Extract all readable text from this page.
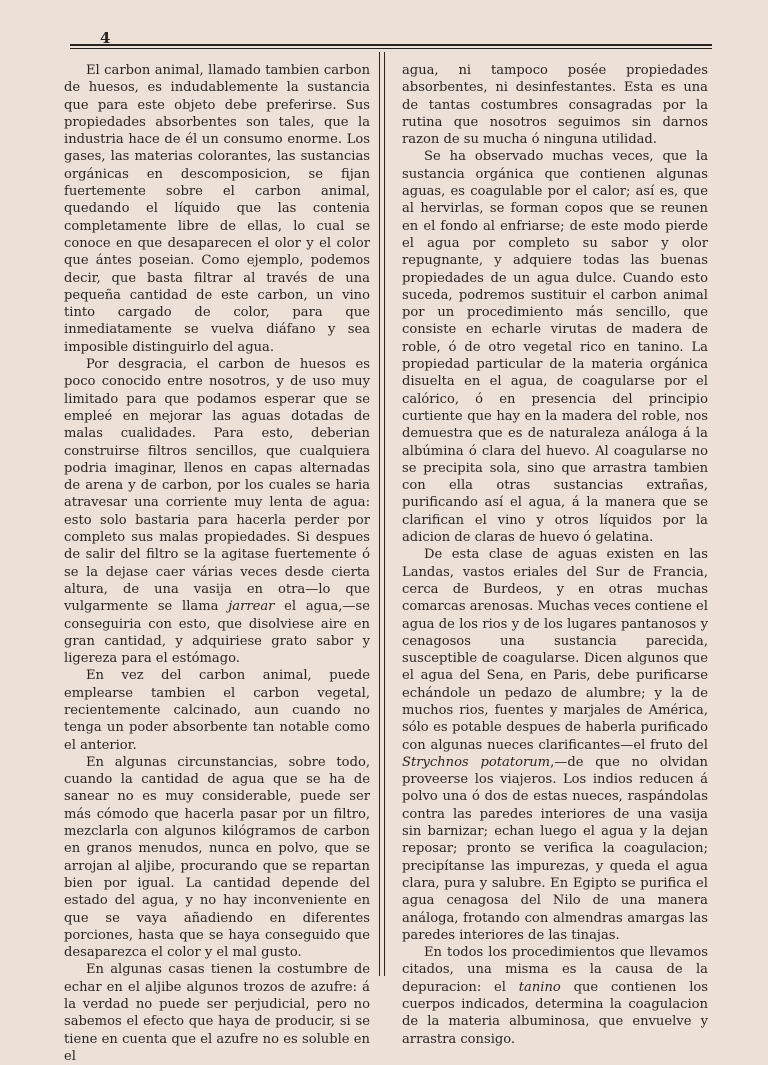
4

El carbon animal, llamado tambien carbon de huesos, es indudablemente la sustancia que para este objeto debe preferirse. Sus propiedades absorbentes son tales, que la industria hace de él un consumo enorme. Los gases, las materias colorantes, las sustancias orgánicas en descomposicion, se fijan fuertemente sobre el carbon animal, quedando el líquido que las contenia completamente libre de ellas, lo cual se conoce en que desaparecen el olor y el color que ántes poseian. Como ejemplo, podemos decir, que basta filtrar al través de una pequeña cantidad de este carbon, un vino tinto cargado de color, para que inmediatamente se vuelva diáfano y sea imposible distinguirlo del agua.

Por desgracia, el carbon de huesos es poco conocido entre nosotros, y de uso muy limitado para que podamos esperar que se empleé en mejorar las aguas dotadas de malas cualidades. Para esto, deberian construirse filtros sencillos, que cualquiera podria imaginar, llenos en capas alternadas de arena y de carbon, por los cuales se haria atravesar una corriente muy lenta de agua: esto solo bastaria para hacerla perder por completo sus malas propiedades. Si despues de salir del filtro se la agitase fuertemente ó se la dejase caer várias veces desde cierta altura, de una vasija en otra—lo que vulgarmente se llama jarrear el agua,—se conseguiria con esto, que disolviese aire en gran cantidad, y adquiriese grato sabor y ligereza para el estómago.

En vez del carbon animal, puede emplearse tambien el carbon vegetal, recientemente calcinado, aun cuando no tenga un poder absorbente tan notable como el anterior.

En algunas circunstancias, sobre todo, cuando la cantidad de agua que se ha de sanear no es muy considerable, puede ser más cómodo que hacerla pasar por un filtro, mezclarla con algunos kilógramos de carbon en granos menudos, nunca en polvo, que se arrojan al aljibe, procurando que se repartan bien por igual. La cantidad depende del estado del agua, y no hay inconveniente en que se vaya añadiendo en diferentes porciones, hasta que se haya conseguido que desaparezca el color y el mal gusto.

En algunas casas tienen la costumbre de echar en el aljibe algunos trozos de azufre: á la verdad no puede ser perjudicial, pero no sabemos el efecto que haya de producir, si se tiene en cuenta que el azufre no es soluble en el

agua, ni tampoco posée propiedades absorbentes, ni desinfestantes. Esta es una de tantas costumbres consagradas por la rutina que nosotros seguimos sin darnos razon de su mucha ó ninguna utilidad.

Se ha observado muchas veces, que la sustancia orgánica que contienen algunas aguas, es coagulable por el calor; así es, que al hervirlas, se forman copos que se reunen en el fondo al enfriarse; de este modo pierde el agua por completo su sabor y olor repugnante, y adquiere todas las buenas propiedades de un agua dulce. Cuando esto suceda, podremos sustituir el carbon animal por un procedimiento más sencillo, que consiste en echarle virutas de madera de roble, ó de otro vegetal rico en tanino. La propiedad particular de la materia orgánica disuelta en el agua, de coagularse por el calórico, ó en presencia del principio curtiente que hay en la madera del roble, nos demuestra que es de naturaleza análoga á la albúmina ó clara del huevo. Al coagularse no se precipita sola, sino que arrastra tambien con ella otras sustancias extrañas, purificando así el agua, á la manera que se clarifican el vino y otros líquidos por la adicion de claras de huevo ó gelatina.

De esta clase de aguas existen en las Landas, vastos eriales del Sur de Francia, cerca de Burdeos, y en otras muchas comarcas arenosas. Muchas veces contiene el agua de los rios y de los lugares pantanosos y cenagosos una sustancia parecida, susceptible de coagularse. Dicen algunos que el agua del Sena, en Paris, debe purificarse echándole un pedazo de alumbre; y la de muchos rios, fuentes y marjales de América, sólo es potable despues de haberla purificado con algunas nueces clarificantes—el fruto del Strychnos potatorum,—de que no olvidan proveerse los viajeros. Los indios reducen á polvo una ó dos de estas nueces, raspándolas contra las paredes interiores de una vasija sin barnizar; echan luego el agua y la dejan reposar; pronto se verifica la coagulacion; precipítanse las impurezas, y queda el agua clara, pura y salubre. En Egipto se purifica el agua cenagosa del Nilo de una manera análoga, frotando con almendras amargas las paredes interiores de las tinajas.

En todos los procedimientos que llevamos citados, una misma es la causa de la depuracion: el tanino que contienen los cuerpos indicados, determina la coagulacion de la materia albuminosa, que envuelve y arrastra consigo.
